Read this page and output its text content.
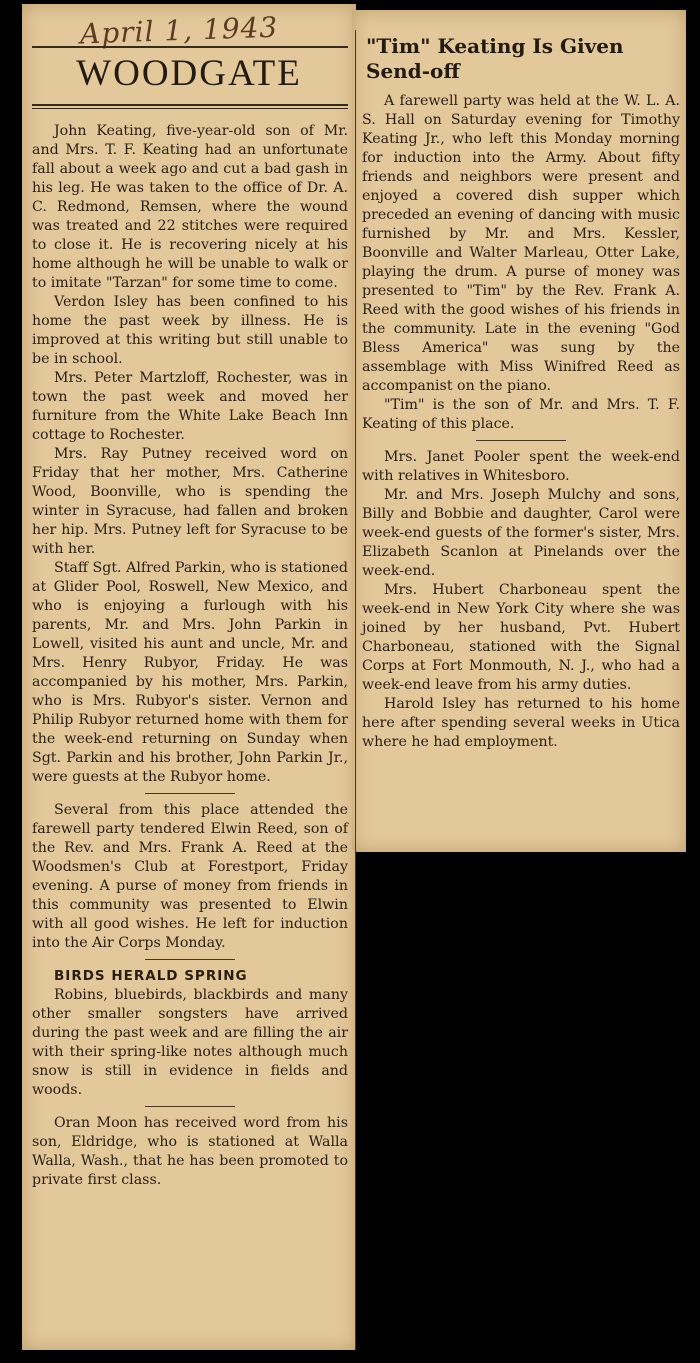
April 1, 1943
WOODGATE

John Keating, five-year-old son of Mr. and Mrs. T. F. Keating had an unfortunate fall about a week ago and cut a bad gash in his leg. He was taken to the office of Dr. A. C. Redmond, Remsen, where the wound was treated and 22 stitches were required to close it. He is recovering nicely at his home although he will be unable to walk or to imitate "Tarzan" for some time to come.

Verdon Isley has been confined to his home the past week by illness. He is improved at this writing but still unable to be in school.

Mrs. Peter Martzloff, Rochester, was in town the past week and moved her furniture from the White Lake Beach Inn cottage to Rochester.

Mrs. Ray Putney received word on Friday that her mother, Mrs. Catherine Wood, Boonville, who is spending the winter in Syracuse, had fallen and broken her hip. Mrs. Putney left for Syracuse to be with her.

Staff Sgt. Alfred Parkin, who is stationed at Glider Pool, Roswell, New Mexico, and who is enjoying a furlough with his parents, Mr. and Mrs. John Parkin in Lowell, visited his aunt and uncle, Mr. and Mrs. Henry Rubyor, Friday. He was accompanied by his mother, Mrs. Parkin, who is Mrs. Rubyor's sister. Vernon and Philip Rubyor returned home with them for the week-end returning on Sunday when Sgt. Parkin and his brother, John Parkin Jr., were guests at the Rubyor home.

Several from this place attended the farewell party tendered Elwin Reed, son of the Rev. and Mrs. Frank A. Reed at the Woodsmen's Club at Forestport, Friday evening. A purse of money from friends in this community was presented to Elwin with all good wishes. He left for induction into the Air Corps Monday.

BIRDS HERALD SPRING

Robins, bluebirds, blackbirds and many other smaller songsters have arrived during the past week and are filling the air with their spring-like notes although much snow is still in evidence in fields and woods.

Oran Moon has received word from his son, Eldridge, who is stationed at Walla Walla, Wash., that he has been promoted to private first class.

"Tim" Keating Is Given Send-off

A farewell party was held at the W. L. A. S. Hall on Saturday evening for Timothy Keating Jr., who left this Monday morning for induction into the Army. About fifty friends and neighbors were present and enjoyed a covered dish supper which preceded an evening of dancing with music furnished by Mr. and Mrs. Kessler, Boonville and Walter Marleau, Otter Lake, playing the drum. A purse of money was presented to "Tim" by the Rev. Frank A. Reed with the good wishes of his friends in the community. Late in the evening "God Bless America" was sung by the assemblage with Miss Winifred Reed as accompanist on the piano.

"Tim" is the son of Mr. and Mrs. T. F. Keating of this place.

Mrs. Janet Pooler spent the week-end with relatives in Whitesboro.

Mr. and Mrs. Joseph Mulchy and sons, Billy and Bobbie and daughter, Carol were week-end guests of the former's sister, Mrs. Elizabeth Scanlon at Pinelands over the week-end.

Mrs. Hubert Charboneau spent the week-end in New York City where she was joined by her husband, Pvt. Hubert Charboneau, stationed with the Signal Corps at Fort Monmouth, N. J., who had a week-end leave from his army duties.

Harold Isley has returned to his home here after spending several weeks in Utica where he had employment.
